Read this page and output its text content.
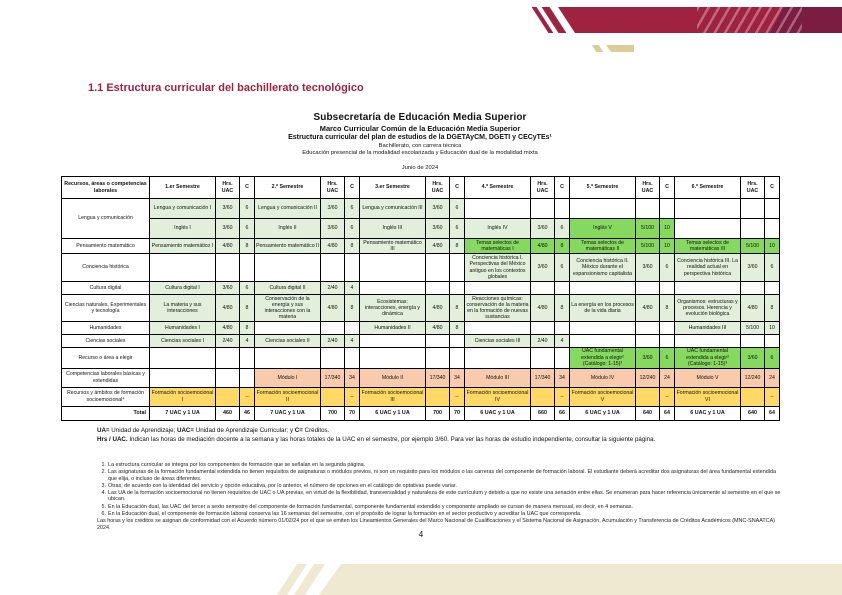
1.1 Estructura curricular del bachillerato tecnológico
Subsecretaría de Educación Media Superior
Marco Curricular Común de la Educación Media Superior
Estructura curricular del plan de estudios de la DGETAyCM, DGETI y CECyTEs¹
Bachillerato, con carrera técnica
Educación presencial de la modalidad escolarizada y Educación dual de la modalidad mixta
Junio de 2024
Recursos, áreas o competencias laborales	1.er Semestre	Hrs. UAC	C	2.º Semestre	Hrs. UAC	C	3.er Semestre	Hrs. UAC	C	4.º Semestre	Hrs. UAC	C	5.º Semestre	Hrs. UAC	C	6.º Semestre	Hrs. UAC	C
Lengua y comunicación	Lengua y comunicación I	3/60	6	Lengua y comunicación II	3/60	6	Lengua y comunicación III	3/60	6									
	Inglés I	3/60	6	Inglés II	3/60	6	Inglés III	3/60	6	Inglés IV	3/60	6	Inglés V	5/100	10			
Pensamiento matemático	Pensamiento matemático I	4/80	8	Pensamiento matemático II	4/80	8	Pensamiento matemático III	4/80	8	Temas selectos de matemáticas I	4/80	8	Temas selectos de matemáticas II	5/100	10	Temas selectos de matemáticas III	5/100	10
Conciencia histórica										Conciencia histórica I. Perspectivas del México antiguo en los contextos globales	3/60	6	Conciencia histórica II. México durante el expansionismo capitalista	3/60	6	Conciencia histórica III. La realidad actual en perspectiva histórica	3/60	6
Cultura digital	Cultura digital I	3/60	6	Cultura digital II	2/40	4												
Ciencias naturales, Experimentales y tecnología	La materia y sus interacciones	4/80	8	Conservación de la energía y sus interacciones con la materia	4/80	8	Ecosistemas: interacciones, energía y dinámica	4/80	8	Reacciones químicas: conservación de la materia en la formación de nuevas sustancias	4/80	8	La energía en los procesos de la vida diaria	4/80	8	Organismos: estructuras y procesos. Herencia y evolución biológica	4/80	8
Humanidades	Humanidades I	4/80	8				Humanidades II	4/80	8							Humanidades III	5/100	10
Ciencias sociales	Ciencias sociales I	2/40	4	Ciencias sociales II	2/40	4				Ciencias sociales III	2/40	4						
Recurso o área a elegir													UAC fundamental extendida a elegir² (Catálogo: 1-15)³	3/60	6	UAC fundamental extendida a elegir² (Catálogo: 1-15)³	3/60	6
Competencias laborales básicas y extendidas				Módulo I	17/340	34	Módulo II	17/340	34	Módulo III	17/340	34	Módulo IV	12/240	24	Módulo V	12/240	24
Recursos y ámbitos de formación socioemocional⁴	Formación socioemocional I		--	Formación socioemocional II		--	Formación socioemocional III		--	Formación socioemocional IV		--	Formación socioemocional V		--	Formación socioemocional VI		--
Total	7 UAC y 1 UA	460	46	7 UAC y 1 UA	700	70	6 UAC y 1 UA	700	70	6 UAC y 1 UA	660	66	6 UAC y 1 UA	640	64	6 UAC y 1 UA	640	64
UA= Unidad de Aprendizaje; UAC= Unidad de Aprendizaje Curricular; y C= Créditos.
Hrs / UAC. Indican las horas de mediación docente a la semana y las horas totales de la UAC en el semestre, por ejemplo 3/60. Para ver las horas de estudio independiente, consultar la siguiente página.
1. La estructura curricular se integra por los componentes de formación que se señalan en la segunda página.
2. Las asignaturas de la formación fundamental extendida no tienen requisitos de asignaturas o módulos previos, ni son un requisito para los módulos o las carreras del componente de formación laboral. El estudiante deberá acreditar dos asignaturas del área fundamental extendida que elija, o incluso de áreas diferentes.
3. Otras, de acuerdo con la identidad del servicio y opción educativa, por lo anterior, el número de opciones en el catálogo de optativas puede variar.
4. Las UA de la formación socioemocional no tienen requisitos de UAC o UA previas, en virtud de la flexibilidad, transversalidad y naturaleza de este currículum y debido a que no existe una seriación entre ellas. Se enumeran para hacer referencia únicamente al semestre en el que se ubican.
5. En la Educación dual, las UAC del tercer a sexto semestre del componente de formación fundamental, componente fundamental extendido y componente ampliado se cursan de manera mensual, es decir, en 4 semanas.
6. En la Educación dual, el componente de formación laboral conserva las 16 semanas del semestre, con el propósito de lograr la formación en el sector productivo y acreditar la UAC que corresponda.
Las horas y los créditos se asignan de conformidad con el Acuerdo número 01/02/24 por el que se emiten los Lineamientos Generales del Marco Nacional de Cualificaciones y el Sistema Nacional de Asignación, Acumulación y Transferencia de Créditos Académicos (MNC-SNAATCA) 2024.
4
